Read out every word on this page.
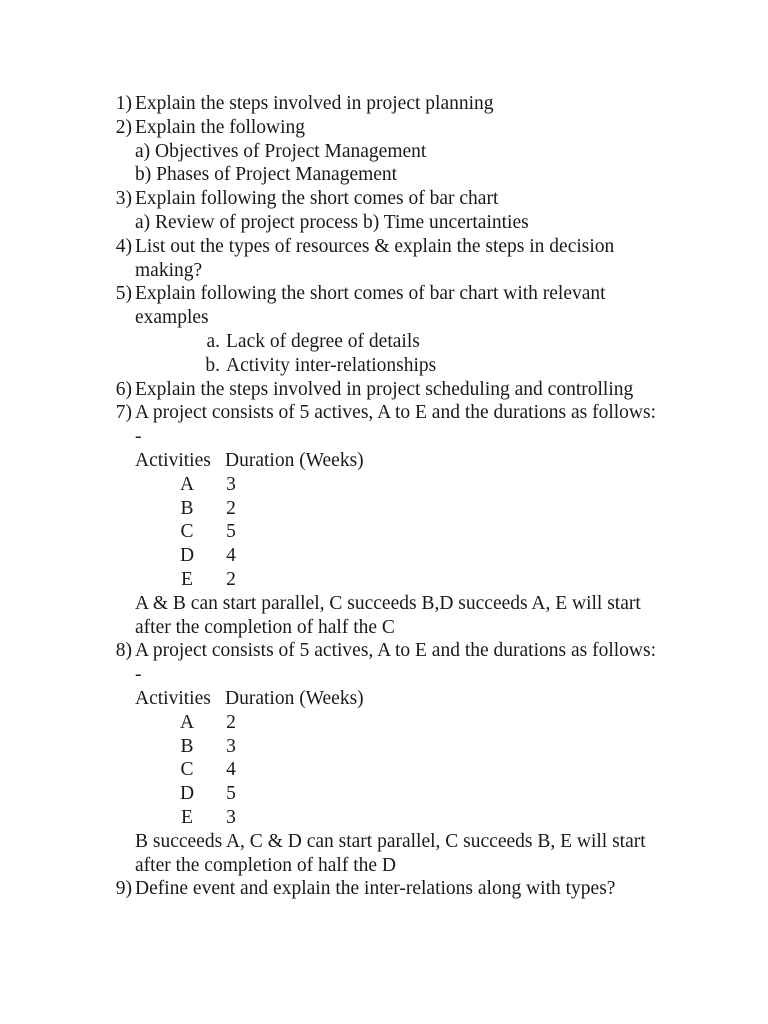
1) Explain the steps involved in project planning
2) Explain the following
a) Objectives of Project Management
b) Phases of Project Management
3) Explain following the short comes of bar chart
a) Review of project process b) Time uncertainties
4) List out the types of resources & explain the steps in decision
making?
5) Explain following the short comes of bar chart with relevant
examples
a. Lack of degree of details
b. Activity inter-relationships
6) Explain the steps involved in project scheduling and controlling
7) A project consists of 5 actives, A to E and the durations as follows:
-
Activities Duration (Weeks)
A	3
B	2
C	5
D	4
E	2
A & B can start parallel, C succeeds B,D succeeds A, E will start
after the completion of half the C
8) A project consists of 5 actives, A to E and the durations as follows:
-
Activities Duration (Weeks)
A	2
B	3
C	4
D	5
E	3
B succeeds A, C & D can start parallel, C succeeds B, E will start
after the completion of half the D
9) Define event and explain the inter-relations along with types?
